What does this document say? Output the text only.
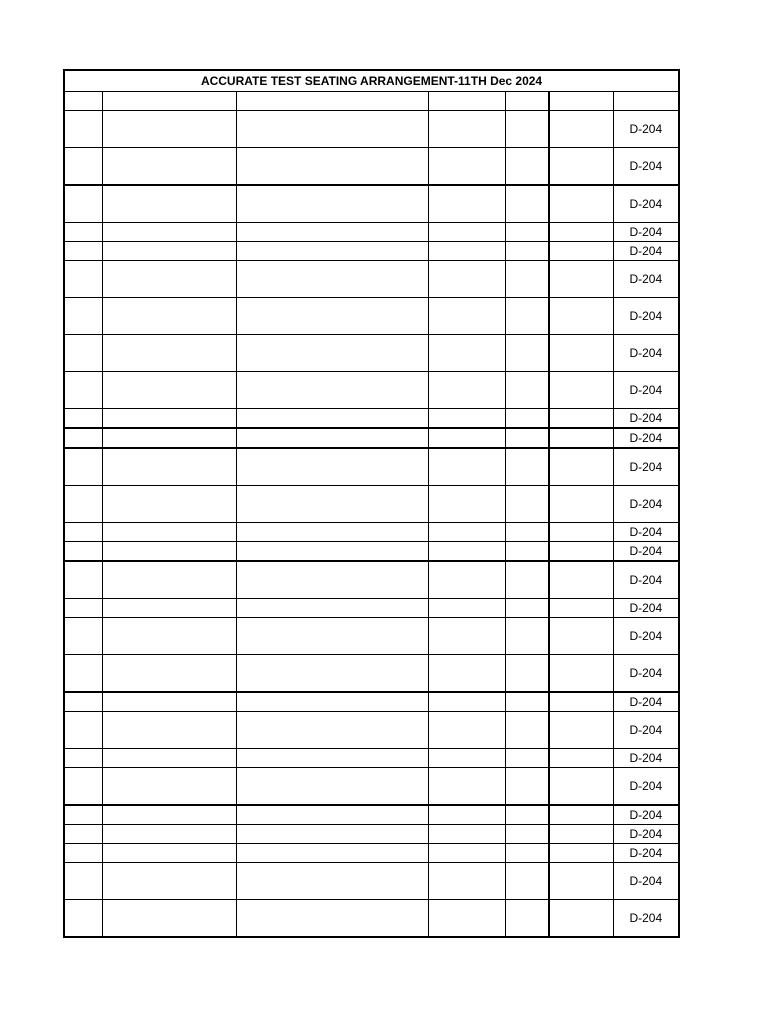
ACCURATE TEST SEATING ARRANGEMENT-11TH Dec 2024						

						D-204
						D-204
						D-204
						D-204
						D-204
						D-204
						D-204
						D-204
						D-204
						D-204
						D-204
						D-204
						D-204
						D-204
						D-204
						D-204
						D-204
						D-204
						D-204
						D-204
						D-204
						D-204
						D-204
						D-204
						D-204
						D-204
						D-204
						D-204
